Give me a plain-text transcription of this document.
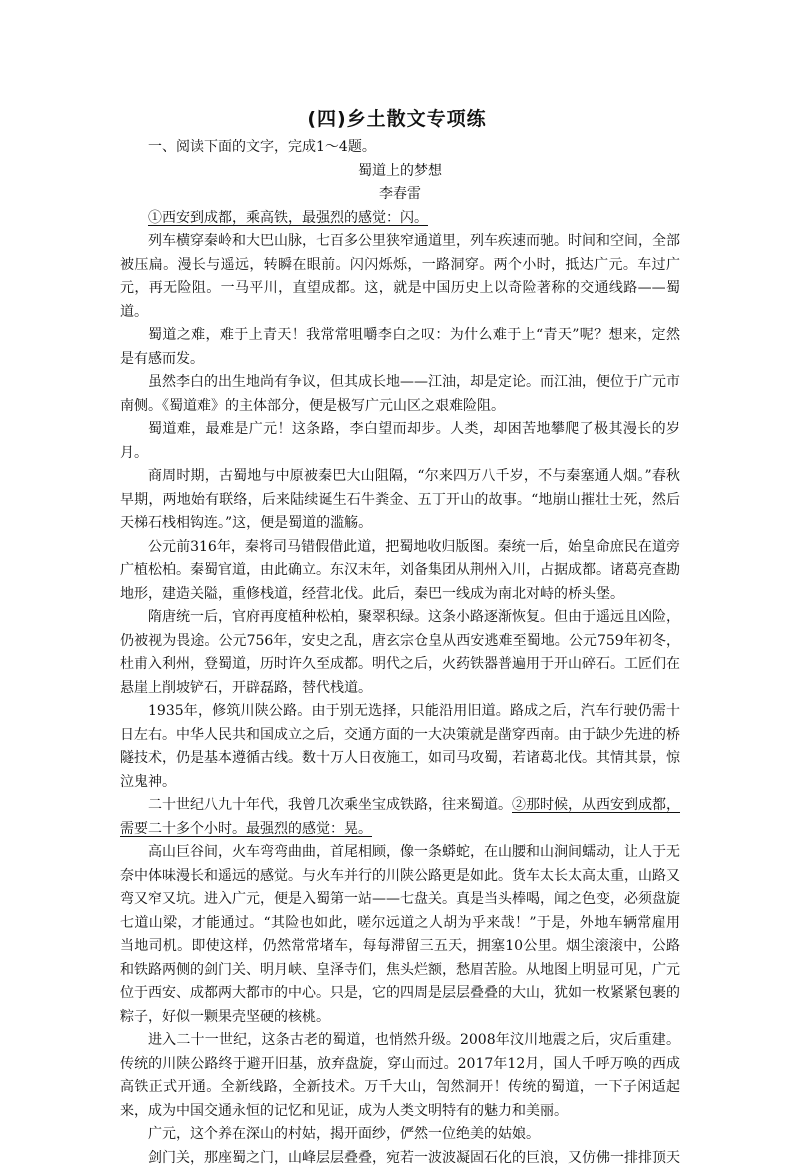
(四)乡土散文专项练

一、阅读下面的文字，完成1～4题。

蜀道上的梦想

李春雷

①西安到成都，乘高铁，最强烈的感觉：闪。

列车横穿秦岭和大巴山脉，七百多公里狭窄通道里，列车疾速而驰。时间和空间，全部被压扁。漫长与遥远，转瞬在眼前。闪闪烁烁，一路洞穿。两个小时，抵达广元。车过广元，再无险阻。一马平川，直望成都。这，就是中国历史上以奇险著称的交通线路——蜀道。

蜀道之难，难于上青天！我常常咀嚼李白之叹：为什么难于上“青天”呢？想来，定然是有感而发。

虽然李白的出生地尚有争议，但其成长地——江油，却是定论。而江油，便位于广元市南侧。《蜀道难》的主体部分，便是极写广元山区之艰难险阻。

蜀道难，最难是广元！这条路，李白望而却步。人类，却困苦地攀爬了极其漫长的岁月。

商周时期，古蜀地与中原被秦巴大山阻隔，“尔来四万八千岁，不与秦塞通人烟。”春秋早期，两地始有联络，后来陆续诞生石牛粪金、五丁开山的故事。“地崩山摧壮士死，然后天梯石栈相钩连。”这，便是蜀道的滥觞。

公元前316年，秦将司马错假借此道，把蜀地收归版图。秦统一后，始皇命庶民在道旁广植松柏。秦蜀官道，由此确立。东汉末年，刘备集团从荆州入川，占据成都。诸葛亮查勘地形，建造关隘，重修栈道，经营北伐。此后，秦巴一线成为南北对峙的桥头堡。

隋唐统一后，官府再度植种松柏，聚翠积绿。这条小路逐渐恢复。但由于遥远且凶险，仍被视为畏途。公元756年，安史之乱，唐玄宗仓皇从西安逃难至蜀地。公元759年初冬，杜甫入利州，登蜀道，历时许久至成都。明代之后，火药铁器普遍用于开山碎石。工匠们在悬崖上削坡铲石，开辟磊路，替代栈道。

1935年，修筑川陕公路。由于别无选择，只能沿用旧道。路成之后，汽车行驶仍需十日左右。中华人民共和国成立之后，交通方面的一大决策就是凿穿西南。由于缺少先进的桥隧技术，仍是基本遵循古线。数十万人日夜施工，如司马攻蜀，若诸葛北伐。其情其景，惊泣鬼神。

二十世纪八九十年代，我曾几次乘坐宝成铁路，往来蜀道。②那时候，从西安到成都，需要二十多个小时。最强烈的感觉：晃。

高山巨谷间，火车弯弯曲曲，首尾相顾，像一条蟒蛇，在山腰和山涧间蠕动，让人于无奈中体味漫长和遥远的感觉。与火车并行的川陕公路更是如此。货车太长太高太重，山路又弯又窄又坑。进入广元，便是入蜀第一站——七盘关。真是当头棒喝，闻之色变，必须盘旋七道山梁，才能通过。“其险也如此，嗟尔远道之人胡为乎来哉！”于是，外地车辆常雇用当地司机。即使这样，仍然常常堵车，每每滞留三五天，拥塞10公里。烟尘滚滚中，公路和铁路两侧的剑门关、明月峡、皇泽寺们，焦头烂额，愁眉苦脸。从地图上明显可见，广元位于西安、成都两大都市的中心。只是，它的四周是层层叠叠的大山，犹如一枚紧紧包裹的粽子，好似一颗果壳坚硬的核桃。

进入二十一世纪，这条古老的蜀道，也悄然升级。2008年汶川地震之后，灾后重建。传统的川陕公路终于避开旧基，放弃盘旋，穿山而过。2017年12月，国人千呼万唤的西成高铁正式开通。全新线路，全新技术。万千大山，訇然洞开！传统的蜀道，一下子闲适起来，成为中国交通永恒的记忆和见证，成为人类文明特有的魅力和美丽。

广元，这个养在深山的村姑，揭开面纱，俨然一位绝美的姑娘。

剑门关，那座蜀之门，山峰层层叠叠，宛若一波波凝固石化的巨浪，又仿佛一排排顶天
